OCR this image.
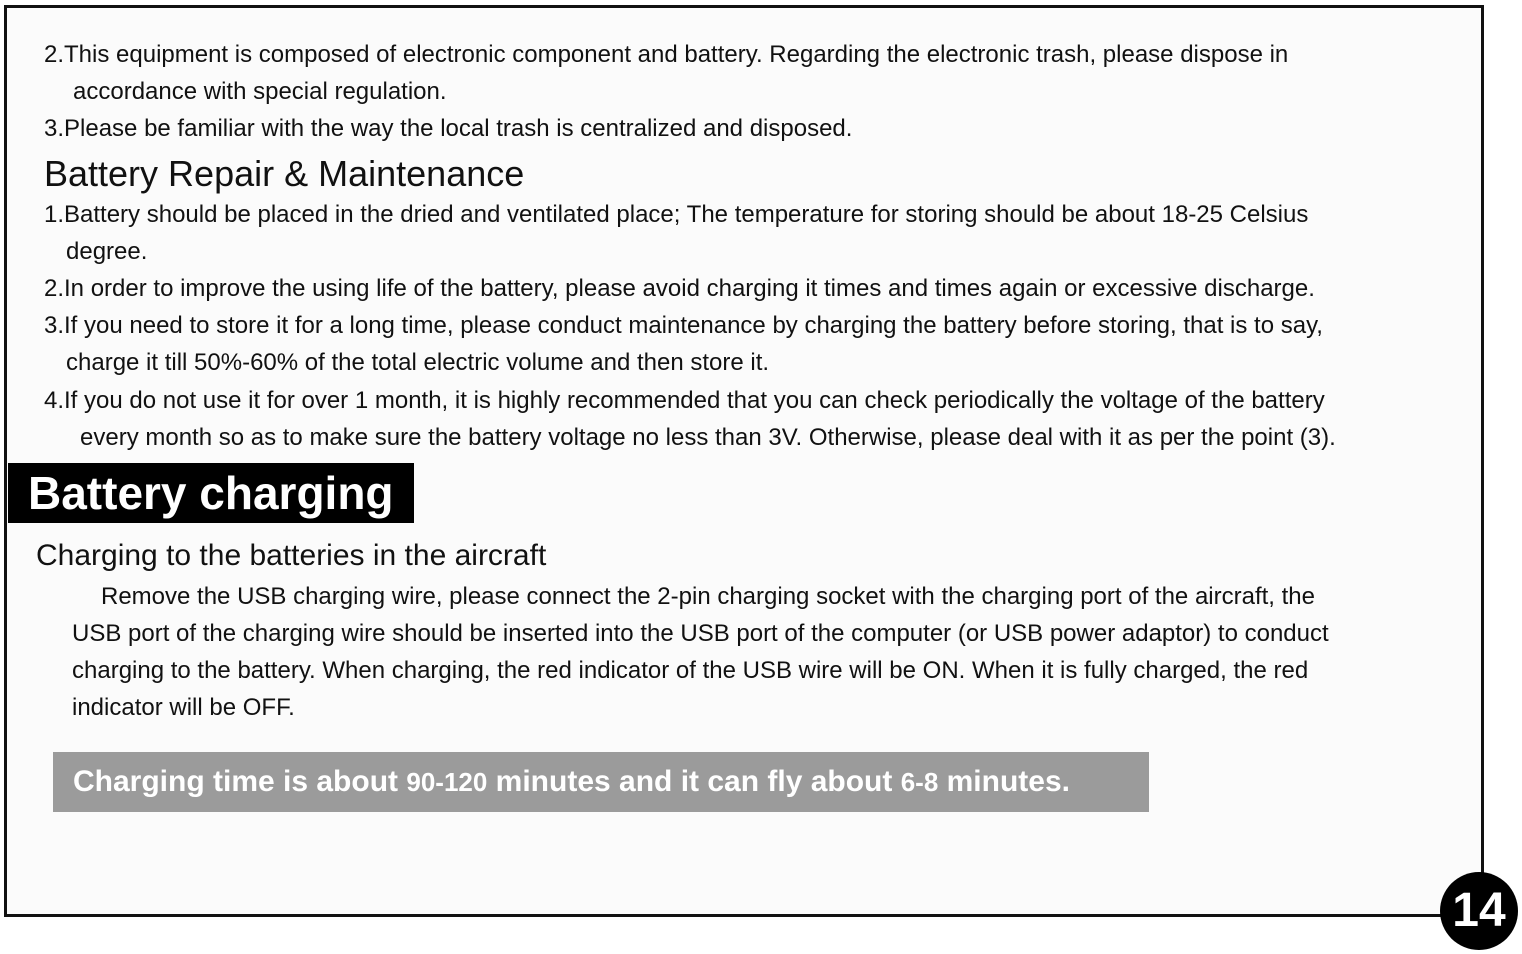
2.This equipment is composed of electronic component and battery. Regarding the electronic trash, please dispose in
accordance with special regulation.
3.Please be familiar with the way the local trash is centralized and disposed.
Battery Repair & Maintenance
1.Battery should be placed in the dried and ventilated place; The temperature for storing should be about 18-25 Celsius
degree.
2.In order to improve the using life of the battery, please avoid charging it times and times again or excessive discharge.
3.If you need to store it for a long time, please conduct maintenance by charging the battery before storing, that is to say,
charge it till 50%-60% of the total electric volume and then store it.
4.If you do not use it for over 1 month, it is highly recommended that you can check periodically the voltage of the battery
every month so as to make sure the battery voltage no less than 3V. Otherwise, please deal with it as per the point (3).
Battery charging
Charging to the batteries in the aircraft
Remove the USB charging wire, please connect the 2-pin charging socket with the charging port of the aircraft, the
USB port of the charging wire should be inserted into the USB port of the computer (or USB power adaptor) to conduct
charging to the battery. When charging, the red indicator of the USB wire will be ON. When it is fully charged, the red
indicator will be OFF.
Charging time is about 90-120 minutes and it can fly about 6-8 minutes.
14
